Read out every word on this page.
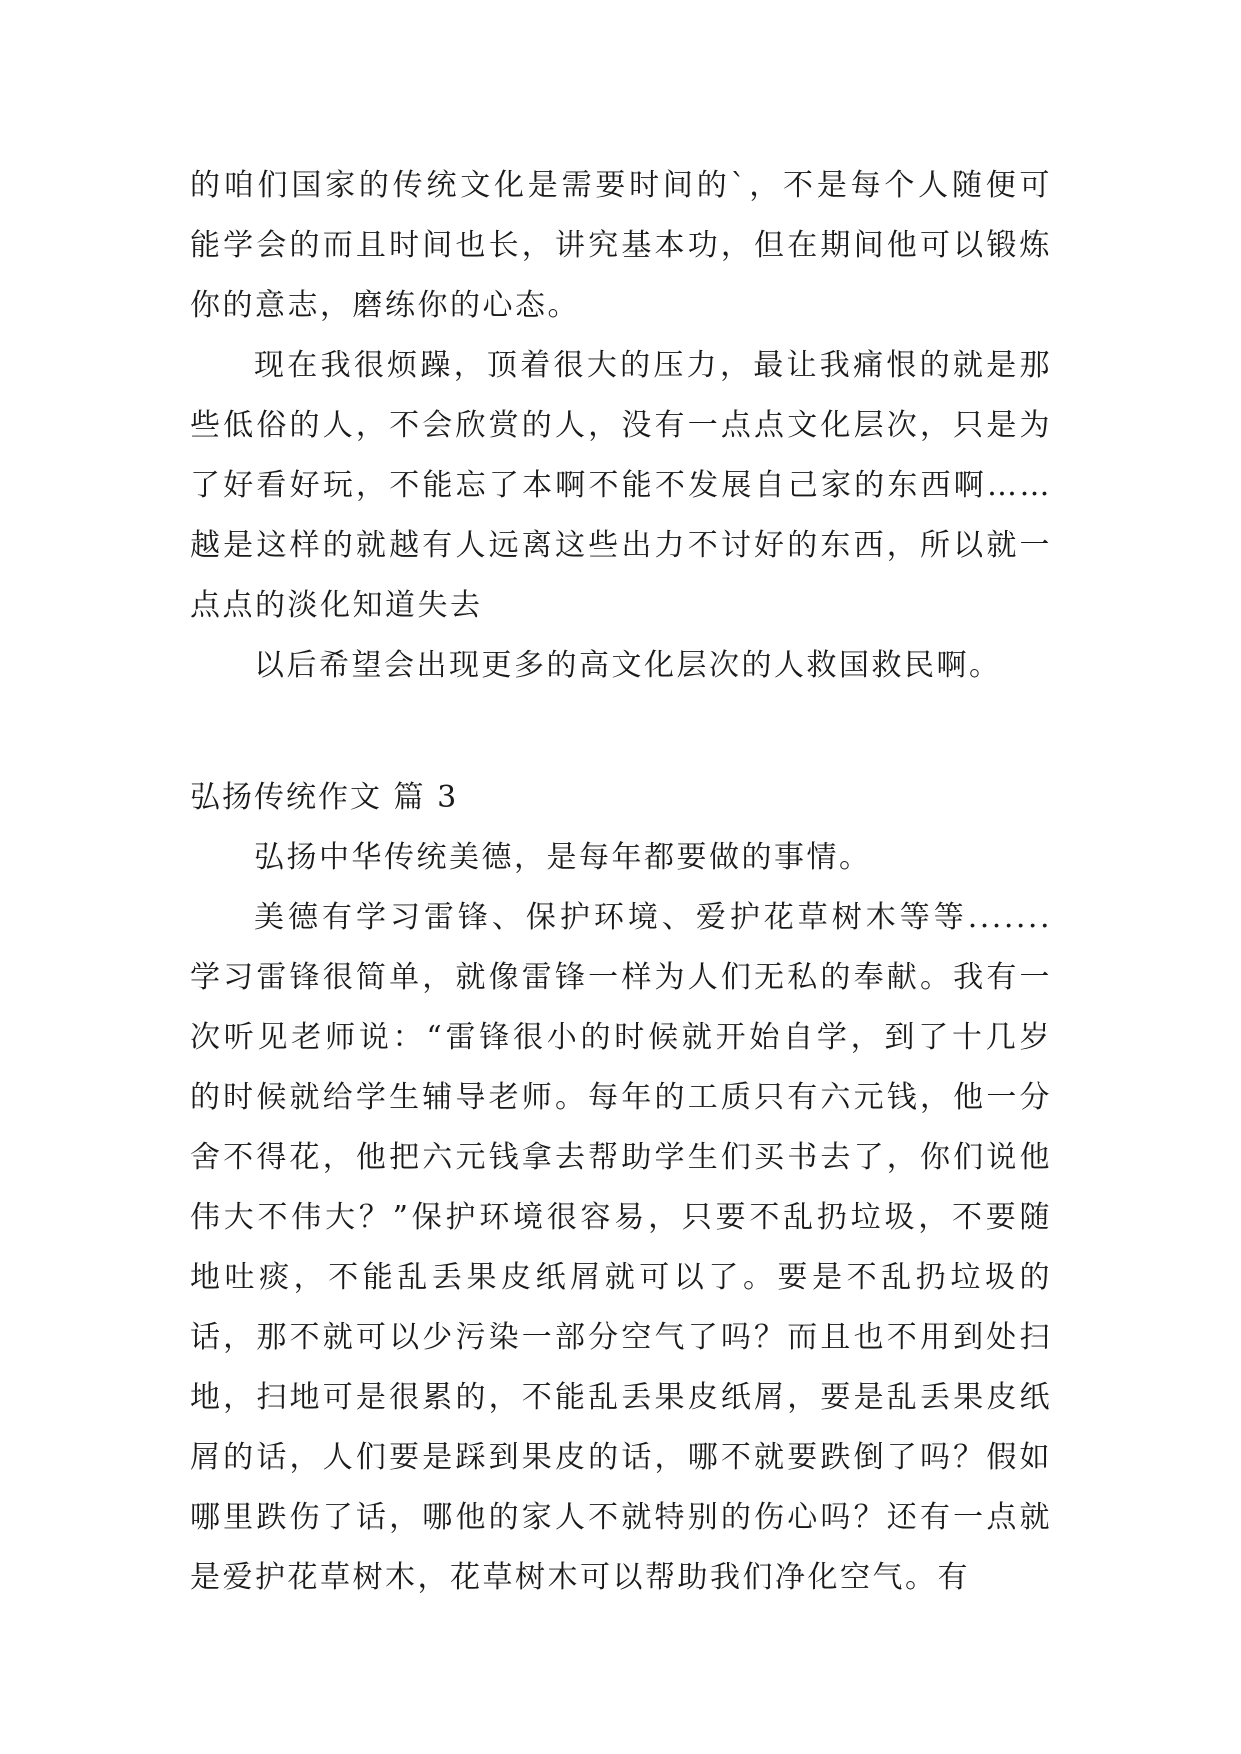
的咱们国家的传统文化是需要时间的`，不是每个人随便可能学会的而且时间也长，讲究基本功，但在期间他可以锻炼你的意志，磨练你的心态。

现在我很烦躁，顶着很大的压力，最让我痛恨的就是那些低俗的人，不会欣赏的人，没有一点点文化层次，只是为了好看好玩，不能忘了本啊不能不发展自己家的东西啊……越是这样的就越有人远离这些出力不讨好的东西，所以就一点点的淡化知道失去

以后希望会出现更多的高文化层次的人救国救民啊。

弘扬传统作文 篇 3

弘扬中华传统美德，是每年都要做的事情。

美德有学习雷锋、保护环境、爱护花草树木等等....... 学习雷锋很简单，就像雷锋一样为人们无私的奉献。我有一次听见老师说：“雷锋很小的时候就开始自学，到了十几岁的时候就给学生辅导老师。每年的工质只有六元钱，他一分舍不得花，他把六元钱拿去帮助学生们买书去了，你们说他伟大不伟大？”保护环境很容易，只要不乱扔垃圾，不要随地吐痰，不能乱丢果皮纸屑就可以了。要是不乱扔垃圾的话，那不就可以少污染一部分空气了吗？而且也不用到处扫地，扫地可是很累的，不能乱丢果皮纸屑，要是乱丢果皮纸屑的话，人们要是踩到果皮的话，哪不就要跌倒了吗？假如哪里跌伤了话，哪他的家人不就特别的伤心吗？还有一点就是爱护花草树木，花草树木可以帮助我们净化空气。有
